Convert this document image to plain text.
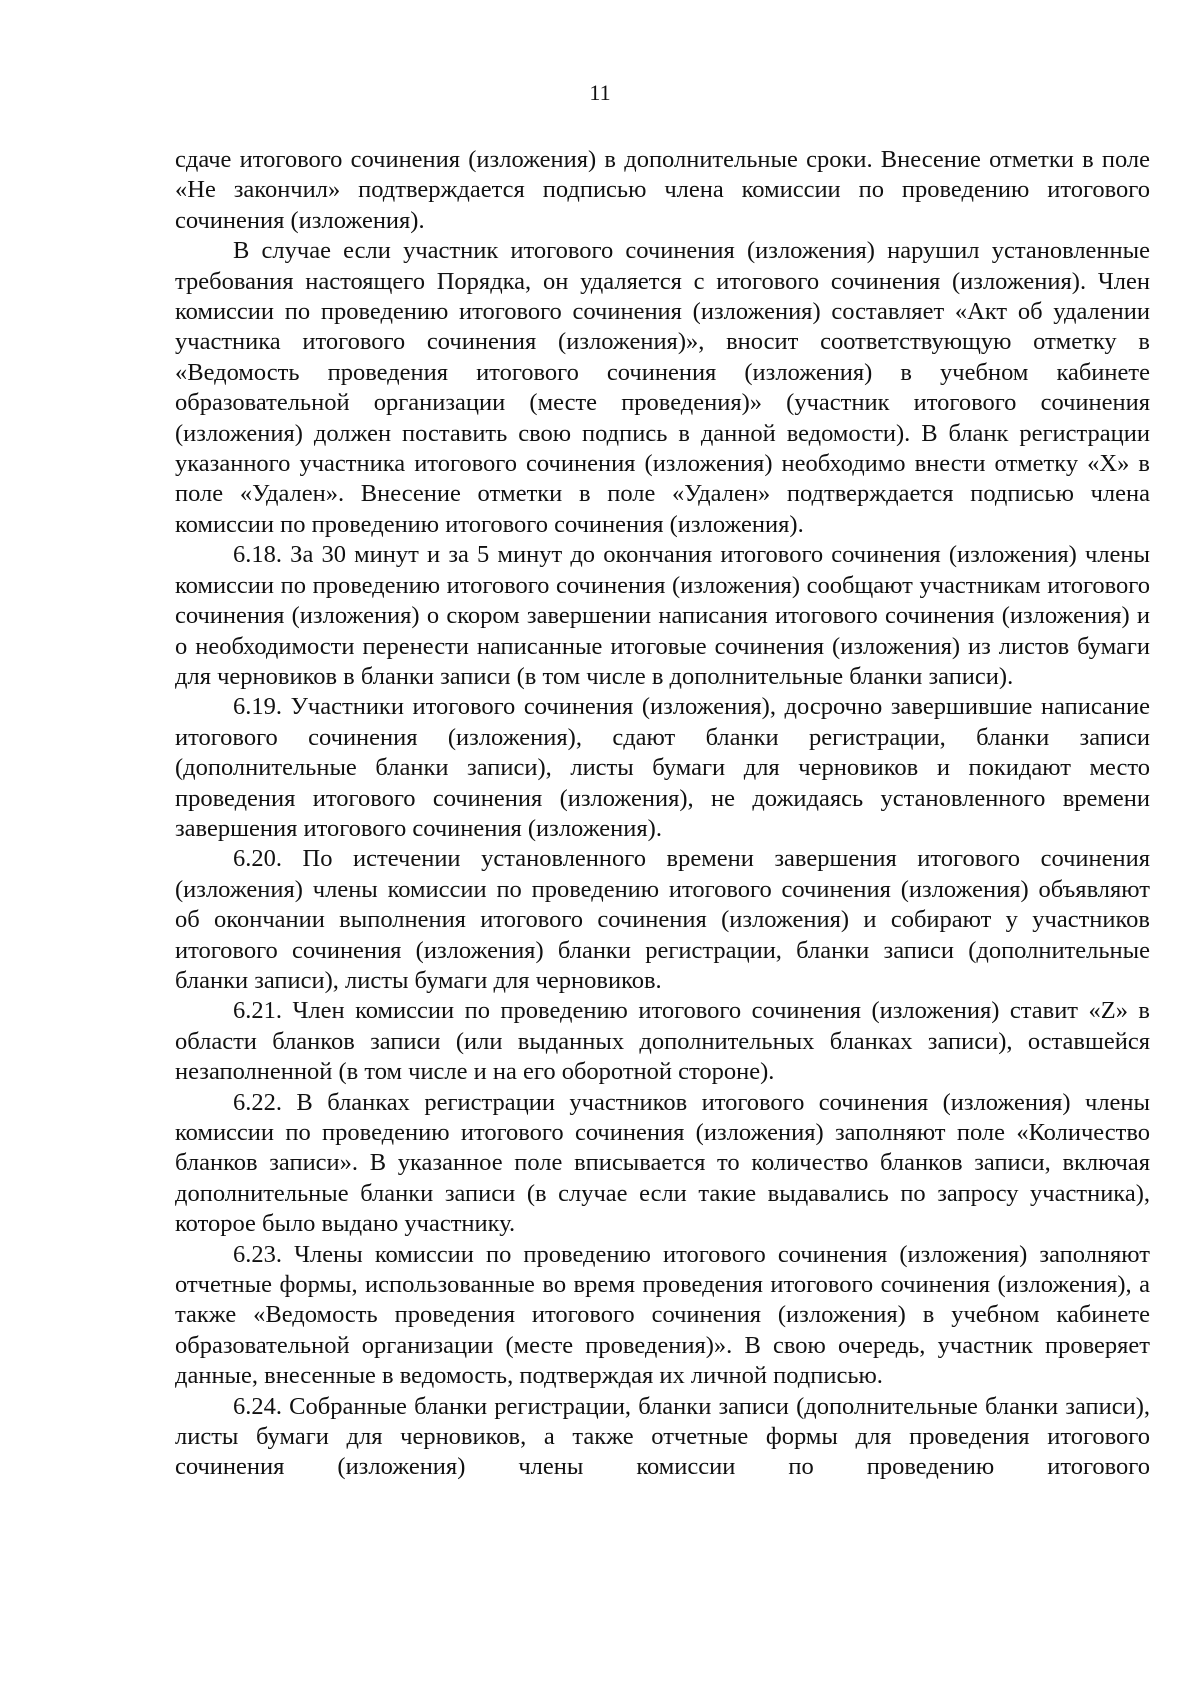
11

сдаче итогового сочинения (изложения) в дополнительные сроки. Внесение отметки в поле «Не закончил» подтверждается подписью члена комиссии по проведению итогового сочинения (изложения).

В случае если участник итогового сочинения (изложения) нарушил установленные требования настоящего Порядка, он удаляется с итогового сочинения (изложения). Член комиссии по проведению итогового сочинения (изложения) составляет «Акт об удалении участника итогового сочинения (изложения)», вносит соответствующую отметку в «Ведомость проведения итогового сочинения (изложения) в учебном кабинете образовательной организации (месте проведения)» (участник итогового сочинения (изложения) должен поставить свою подпись в данной ведомости). В бланк регистрации указанного участника итогового сочинения (изложения) необходимо внести отметку «X» в поле «Удален». Внесение отметки в поле «Удален» подтверждается подписью члена комиссии по проведению итогового сочинения (изложения).

6.18. За 30 минут и за 5 минут до окончания итогового сочинения (изложения) члены комиссии по проведению итогового сочинения (изложения) сообщают участникам итогового сочинения (изложения) о скором завершении написания итогового сочинения (изложения) и о необходимости перенести написанные итоговые сочинения (изложения) из листов бумаги для черновиков в бланки записи (в том числе в дополнительные бланки записи).

6.19. Участники итогового сочинения (изложения), досрочно завершившие написание итогового сочинения (изложения), сдают бланки регистрации, бланки записи (дополнительные бланки записи), листы бумаги для черновиков и покидают место проведения итогового сочинения (изложения), не дожидаясь установленного времени завершения итогового сочинения (изложения).

6.20. По истечении установленного времени завершения итогового сочинения (изложения) члены комиссии по проведению итогового сочинения (изложения) объявляют об окончании выполнения итогового сочинения (изложения) и собирают у участников итогового сочинения (изложения) бланки регистрации, бланки записи (дополнительные бланки записи), листы бумаги для черновиков.

6.21. Член комиссии по проведению итогового сочинения (изложения) ставит «Z» в области бланков записи (или выданных дополнительных бланках записи), оставшейся незаполненной (в том числе и на его оборотной стороне).

6.22. В бланках регистрации участников итогового сочинения (изложения) члены комиссии по проведению итогового сочинения (изложения) заполняют поле «Количество бланков записи». В указанное поле вписывается то количество бланков записи, включая дополнительные бланки записи (в случае если такие выдавались по запросу участника), которое было выдано участнику.

6.23. Члены комиссии по проведению итогового сочинения (изложения) заполняют отчетные формы, использованные во время проведения итогового сочинения (изложения), а также «Ведомость проведения итогового сочинения (изложения) в учебном кабинете образовательной организации (месте проведения)». В свою очередь, участник проверяет данные, внесенные в ведомость, подтверждая их личной подписью.

6.24. Собранные бланки регистрации, бланки записи (дополнительные бланки записи), листы бумаги для черновиков, а также отчетные формы для проведения итогового сочинения (изложения) члены комиссии по проведению итогового
